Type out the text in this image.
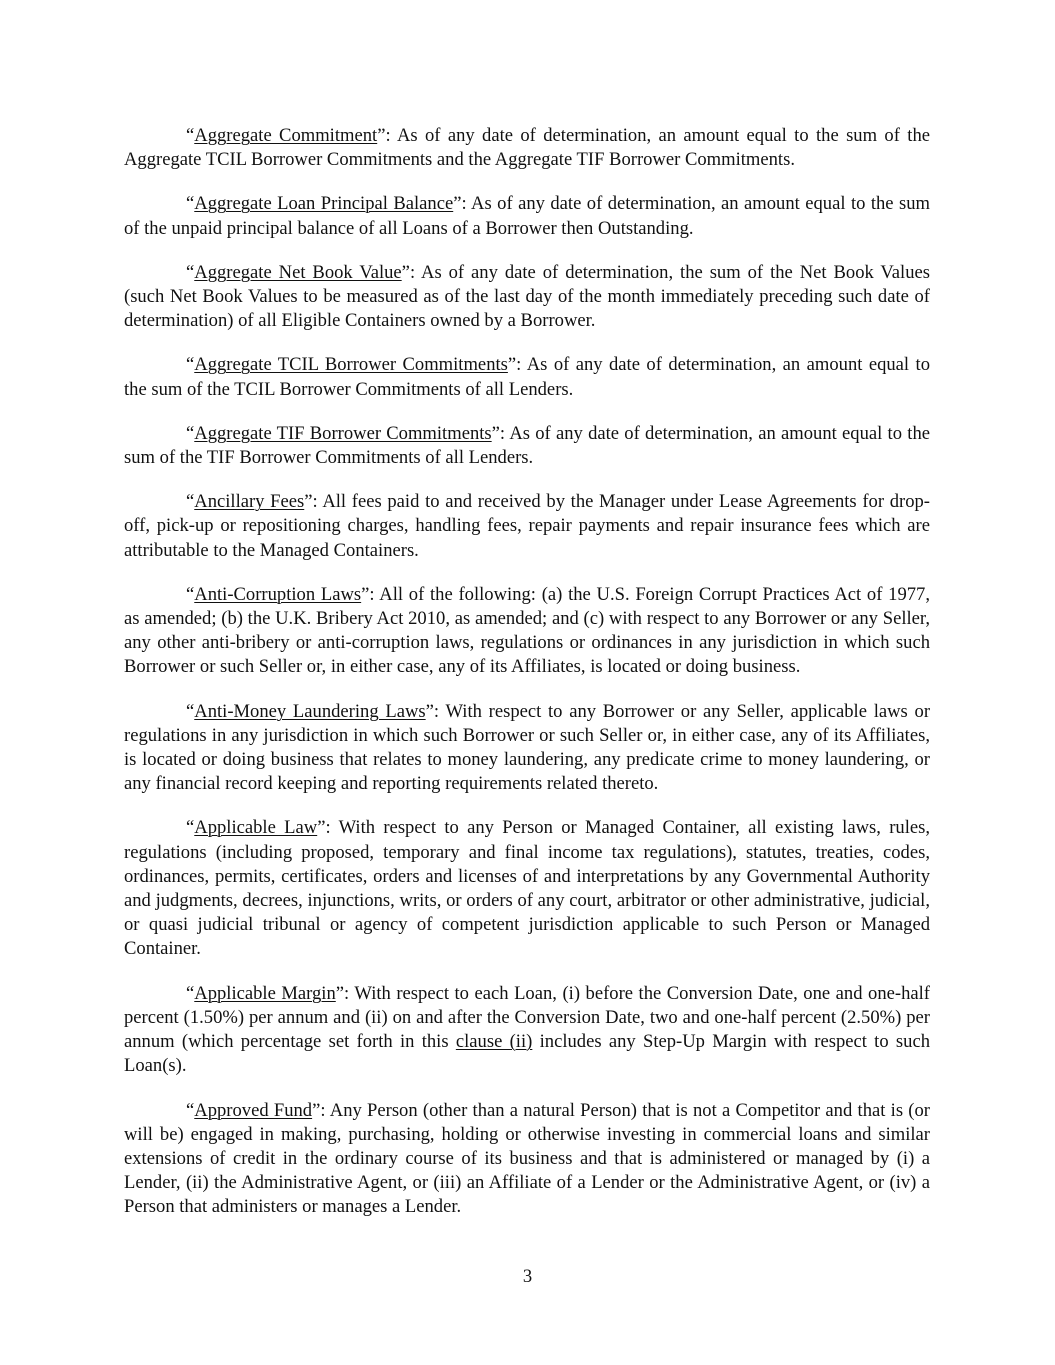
“Aggregate Commitment”: As of any date of determination, an amount equal to the sum of the Aggregate TCIL Borrower Commitments and the Aggregate TIF Borrower Commitments.

“Aggregate Loan Principal Balance”: As of any date of determination, an amount equal to the sum of the unpaid principal balance of all Loans of a Borrower then Outstanding.

“Aggregate Net Book Value”: As of any date of determination, the sum of the Net Book Values (such Net Book Values to be measured as of the last day of the month immediately preceding such date of determination) of all Eligible Containers owned by a Borrower.

“Aggregate TCIL Borrower Commitments”: As of any date of determination, an amount equal to the sum of the TCIL Borrower Commitments of all Lenders.

“Aggregate TIF Borrower Commitments”: As of any date of determination, an amount equal to the sum of the TIF Borrower Commitments of all Lenders.

“Ancillary Fees”: All fees paid to and received by the Manager under Lease Agreements for drop-off, pick-up or repositioning charges, handling fees, repair payments and repair insurance fees which are attributable to the Managed Containers.

“Anti-Corruption Laws”: All of the following: (a) the U.S. Foreign Corrupt Practices Act of 1977, as amended; (b) the U.K. Bribery Act 2010, as amended; and (c) with respect to any Borrower or any Seller, any other anti-bribery or anti-corruption laws, regulations or ordinances in any jurisdiction in which such Borrower or such Seller or, in either case, any of its Affiliates, is located or doing business.

“Anti-Money Laundering Laws”: With respect to any Borrower or any Seller, applicable laws or regulations in any jurisdiction in which such Borrower or such Seller or, in either case, any of its Affiliates, is located or doing business that relates to money laundering, any predicate crime to money laundering, or any financial record keeping and reporting requirements related thereto.

“Applicable Law”: With respect to any Person or Managed Container, all existing laws, rules, regulations (including proposed, temporary and final income tax regulations), statutes, treaties, codes, ordinances, permits, certificates, orders and licenses of and interpretations by any Governmental Authority and judgments, decrees, injunctions, writs, or orders of any court, arbitrator or other administrative, judicial, or quasi judicial tribunal or agency of competent jurisdiction applicable to such Person or Managed Container.

“Applicable Margin”: With respect to each Loan, (i) before the Conversion Date, one and one-half percent (1.50%) per annum and (ii) on and after the Conversion Date, two and one-half percent (2.50%) per annum (which percentage set forth in this clause (ii) includes any Step-Up Margin with respect to such Loan(s).

“Approved Fund”: Any Person (other than a natural Person) that is not a Competitor and that is (or will be) engaged in making, purchasing, holding or otherwise investing in commercial loans and similar extensions of credit in the ordinary course of its business and that is administered or managed by (i) a Lender, (ii) the Administrative Agent, or (iii) an Affiliate of a Lender or the Administrative Agent, or (iv) a Person that administers or manages a Lender.

3
